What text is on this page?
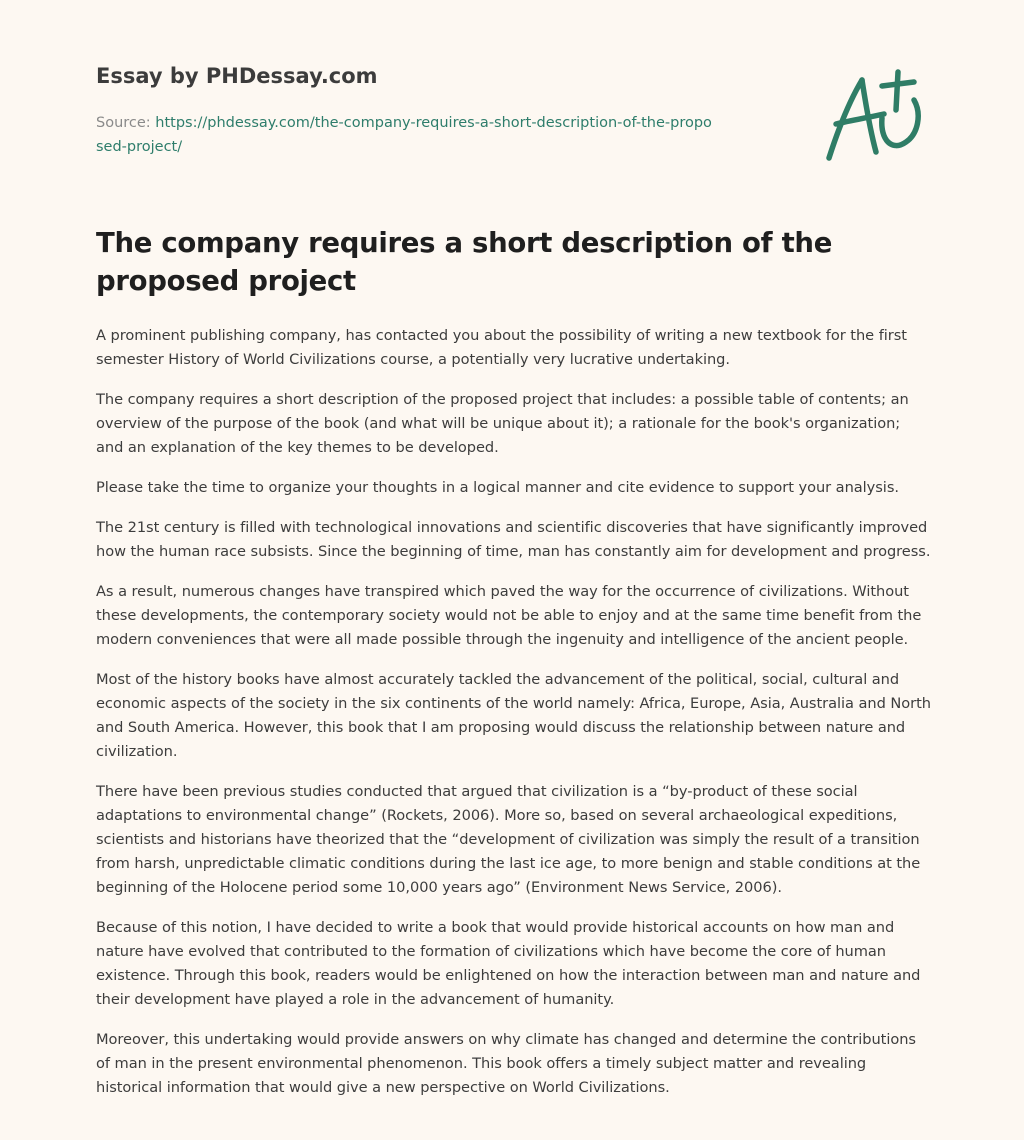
Essay by PHDessay.com

Source: https://phdessay.com/the-company-requires-a-short-description-of-the-proposed-project/

The company requires a short description of the proposed project

A prominent publishing company, has contacted you about the possibility of writing a new textbook for the first semester History of World Civilizations course, a potentially very lucrative undertaking.

The company requires a short description of the proposed project that includes: a possible table of contents; an overview of the purpose of the book (and what will be unique about it); a rationale for the book's organization; and an explanation of the key themes to be developed.

Please take the time to organize your thoughts in a logical manner and cite evidence to support your analysis.

The 21st century is filled with technological innovations and scientific discoveries that have significantly improved how the human race subsists. Since the beginning of time, man has constantly aim for development and progress.

As a result, numerous changes have transpired which paved the way for the occurrence of civilizations. Without these developments, the contemporary society would not be able to enjoy and at the same time benefit from the modern conveniences that were all made possible through the ingenuity and intelligence of the ancient people.

Most of the history books have almost accurately tackled the advancement of the political, social, cultural and economic aspects of the society in the six continents of the world namely: Africa, Europe, Asia, Australia and North and South America. However, this book that I am proposing would discuss the relationship between nature and civilization.

There have been previous studies conducted that argued that civilization is a “by-product of these social adaptations to environmental change” (Rockets, 2006). More so, based on several archaeological expeditions, scientists and historians have theorized that the “development of civilization was simply the result of a transition from harsh, unpredictable climatic conditions during the last ice age, to more benign and stable conditions at the beginning of the Holocene period some 10,000 years ago” (Environment News Service, 2006).

Because of this notion, I have decided to write a book that would provide historical accounts on how man and nature have evolved that contributed to the formation of civilizations which have become the core of human existence. Through this book, readers would be enlightened on how the interaction between man and nature and their development have played a role in the advancement of humanity.

Moreover, this undertaking would provide answers on why climate has changed and determine the contributions of man in the present environmental phenomenon. This book offers a timely subject matter and revealing historical information that would give a new perspective on World Civilizations.
